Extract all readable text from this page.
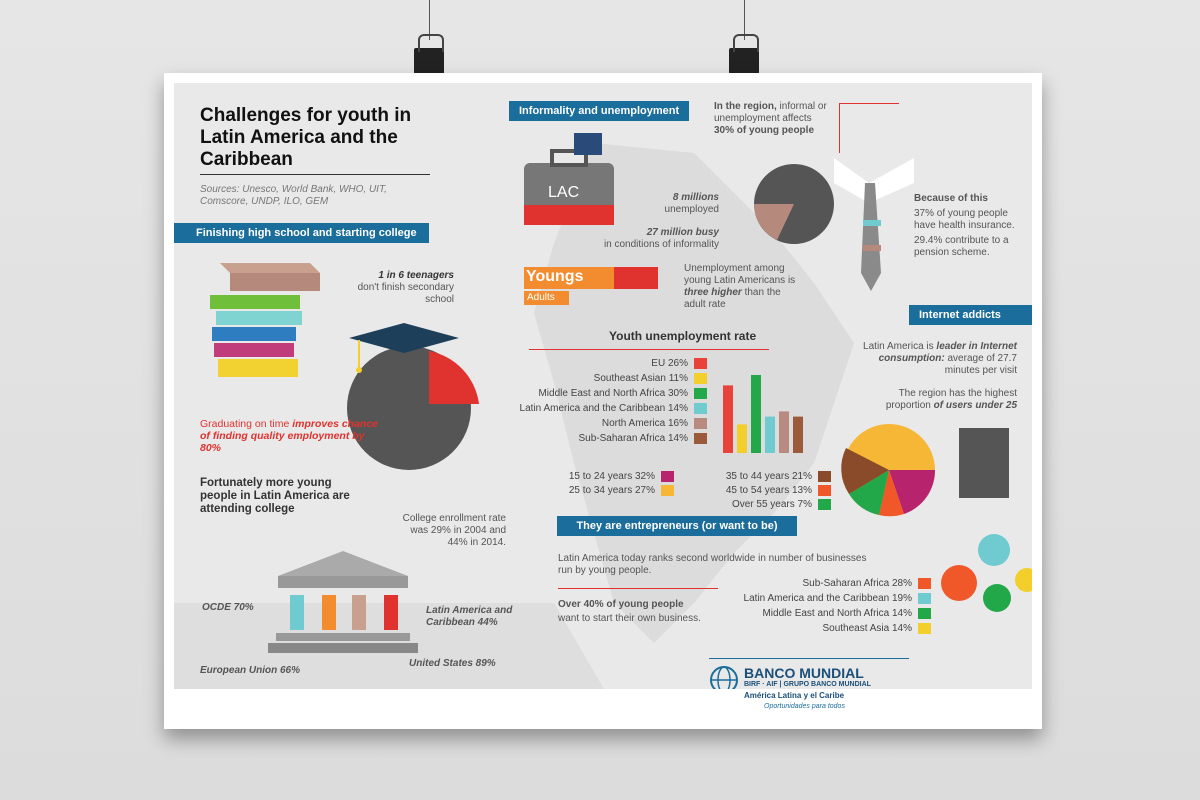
Challenges for youth in Latin America and the Caribbean
Sources: Unesco, World Bank, WHO, UIT, Comscore, UNDP, ILO, GEM
Finishing high school and starting college
1 in 6 teenagers
don't finish secondary school
Graduating on time improves chance of finding quality employment by 80%
Fortunately more young people in Latin America are attending college
College enrollment rate was 29% in 2004 and 44% in 2014.
OCDE 70%	Latin America and Caribbean 44%
European Union 66%
United States 89%
Informality and unemployment
LAC
In the region, informal or unemployment affects 30% of young people
8 millions
unemployed
27 million busy
in conditions of informality
Because of this
37% of young people have health insurance.
29.4% contribute to a pension scheme.
Youngs
Adults
Unemployment among young Latin Americans is three higher than the adult rate
Youth unemployment rate
EU 26%
Southeast Asian 11%
Middle East and North Africa 30%
Latin America and the Caribbean 14%
North America 16%
Sub-Saharan Africa 14%
Internet addicts
Latin America is leader in Internet consumption: average of 27.7 minutes per visit
The region has the highest proportion of users under 25
15 to 24 years 32%
25 to 34 years 27%
35 to 44 years 21%
45 to 54 years 13%
Over 55 years 7%
They are entrepreneurs (or want to be)
Latin America today ranks second worldwide in number of businesses run by young people.
Over 40% of young people
want to start their own business.
Sub-Saharan Africa 28%
Latin America and the Caribbean 19%
Middle East and North Africa 14%
Southeast Asia 14%
BANCO MUNDIAL
BIRF · AIF | GRUPO BANCO MUNDIAL
América Latina y el Caribe
Oportunidades para todos
